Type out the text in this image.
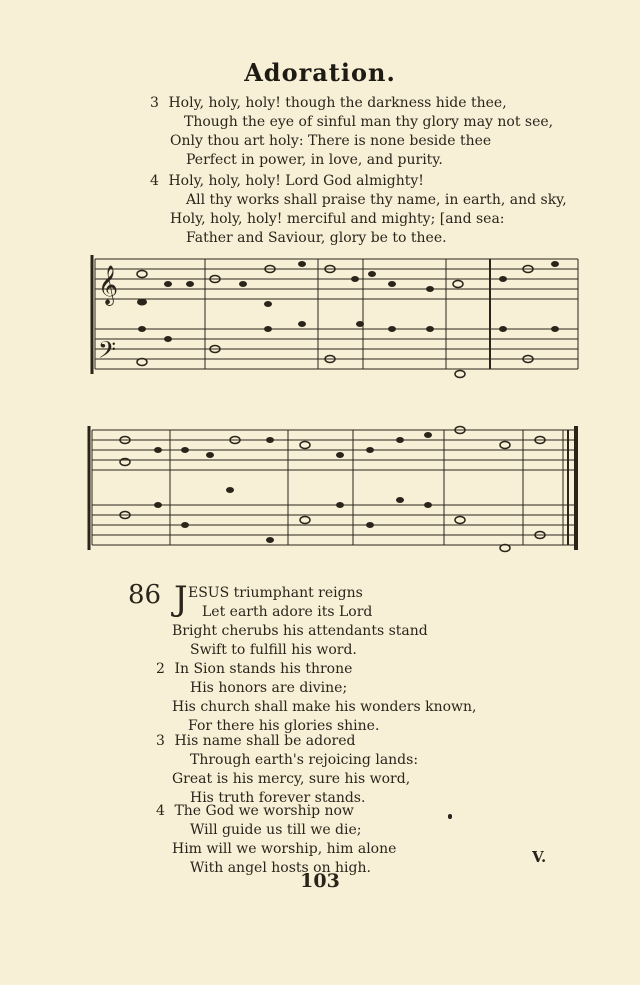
Adoration.
3 Holy, holy, holy! though the darkness hide thee,
Though the eye of sinful man thy glory may not see,
Only thou art holy: There is none beside thee
Perfect in power, in love, and purity.
4 Holy, holy, holy! Lord God almighty!
All thy works shall praise thy name, in earth, and sky,
Holy, holy, holy! merciful and mighty; [and sea:
Father and Saviour, glory be to thee.
𝄞
𝄢
86 J ESUS triumphant reigns
Let earth adore its Lord
Bright cherubs his attendants stand
Swift to fulfill his word.
2 In Sion stands his throne
His honors are divine;
His church shall make his wonders known,
For there his glories shine.
3 His name shall be adored
Through earth's rejoicing lands:
Great is his mercy, sure his word,
His truth forever stands.
4 The God we worship now
Will guide us till we die;
Him will we worship, him alone
With angel hosts on high.
V.
103
